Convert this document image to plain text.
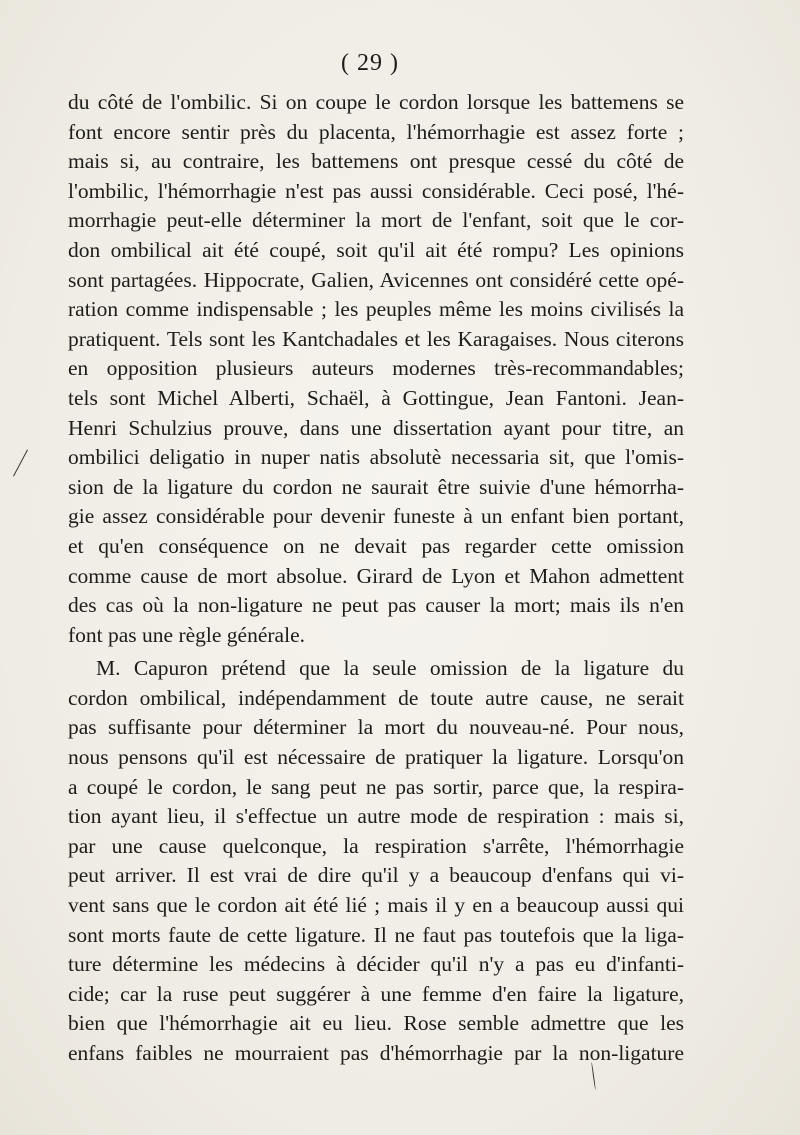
( 29 )
du côté de l'ombilic. Si on coupe le cordon lorsque les battemens se
font encore sentir près du placenta, l'hémorrhagie est assez forte ;
mais si, au contraire, les battemens ont presque cessé du côté de
l'ombilic, l'hémorrhagie n'est pas aussi considérable. Ceci posé, l'hé-
morrhagie peut-elle déterminer la mort de l'enfant, soit que le cor-
don ombilical ait été coupé, soit qu'il ait été rompu? Les opinions
sont partagées. Hippocrate, Galien, Avicennes ont considéré cette opé-
ration comme indispensable ; les peuples même les moins civilisés la
pratiquent. Tels sont les Kantchadales et les Karagaises. Nous citerons
en opposition plusieurs auteurs modernes très-recommandables;
tels sont Michel Alberti, Schaël, à Gottingue, Jean Fantoni. Jean-
Henri Schulzius prouve, dans une dissertation ayant pour titre, an
ombilici deligatio in nuper natis absolutè necessaria sit, que l'omis-
sion de la ligature du cordon ne saurait être suivie d'une hémorrha-
gie assez considérable pour devenir funeste à un enfant bien portant,
et qu'en conséquence on ne devait pas regarder cette omission
comme cause de mort absolue. Girard de Lyon et Mahon admettent
des cas où la non-ligature ne peut pas causer la mort; mais ils n'en
font pas une règle générale.
M. Capuron prétend que la seule omission de la ligature du
cordon ombilical, indépendamment de toute autre cause, ne serait
pas suffisante pour déterminer la mort du nouveau-né. Pour nous,
nous pensons qu'il est nécessaire de pratiquer la ligature. Lorsqu'on
a coupé le cordon, le sang peut ne pas sortir, parce que, la respira-
tion ayant lieu, il s'effectue un autre mode de respiration : mais si,
par une cause quelconque, la respiration s'arrête, l'hémorrhagie
peut arriver. Il est vrai de dire qu'il y a beaucoup d'enfans qui vi-
vent sans que le cordon ait été lié ; mais il y en a beaucoup aussi qui
sont morts faute de cette ligature. Il ne faut pas toutefois que la liga-
ture détermine les médecins à décider qu'il n'y a pas eu d'infanti-
cide; car la ruse peut suggérer à une femme d'en faire la ligature,
bien que l'hémorrhagie ait eu lieu. Rose semble admettre que les
enfans faibles ne mourraient pas d'hémorrhagie par la non-ligature
